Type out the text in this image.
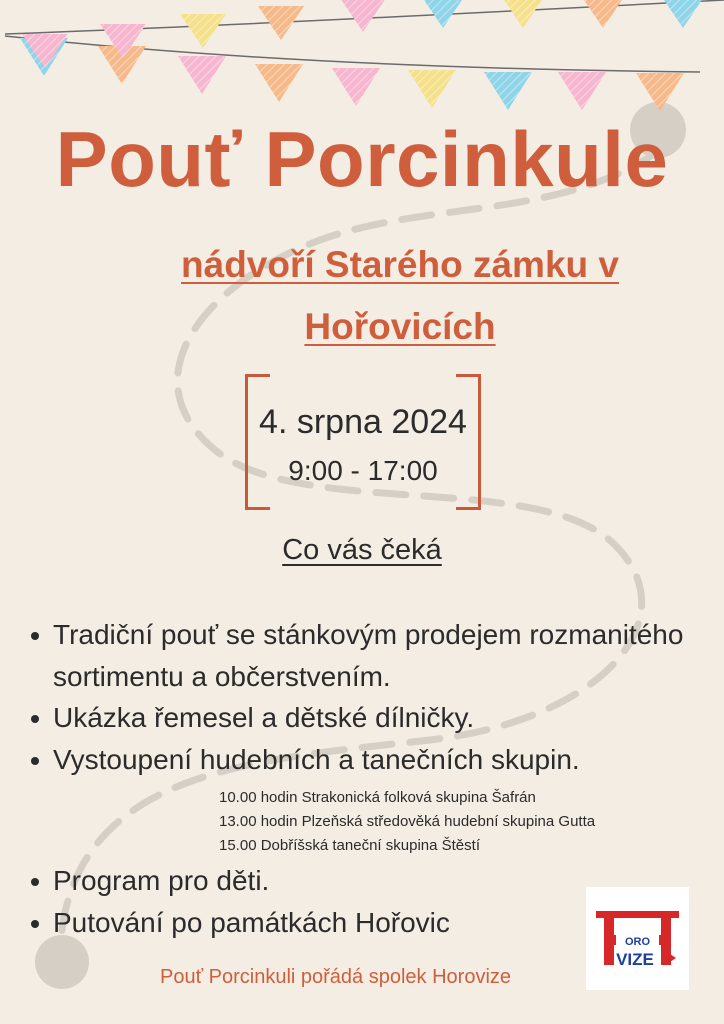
Pouť Porcinkule
nádvoří Starého zámku v
Hořovicích
4. srpna 2024
9:00 - 17:00
Co vás čeká
Tradiční pouť se stánkovým prodejem rozmanitého sortimentu a občerstvením.
Ukázka řemesel a dětské dílničky.
Vystoupení hudebních a tanečních skupin.
10.00 hodin Strakonická folková skupina Šafrán
13.00 hodin Plzeňská středověká hudební skupina Gutta
15.00 Dobříšská taneční skupina Štěstí
Program pro děti.
Putování po památkách Hořovic
Pouť Porcinkuli pořádá spolek Horovize
ORO
VIZE
